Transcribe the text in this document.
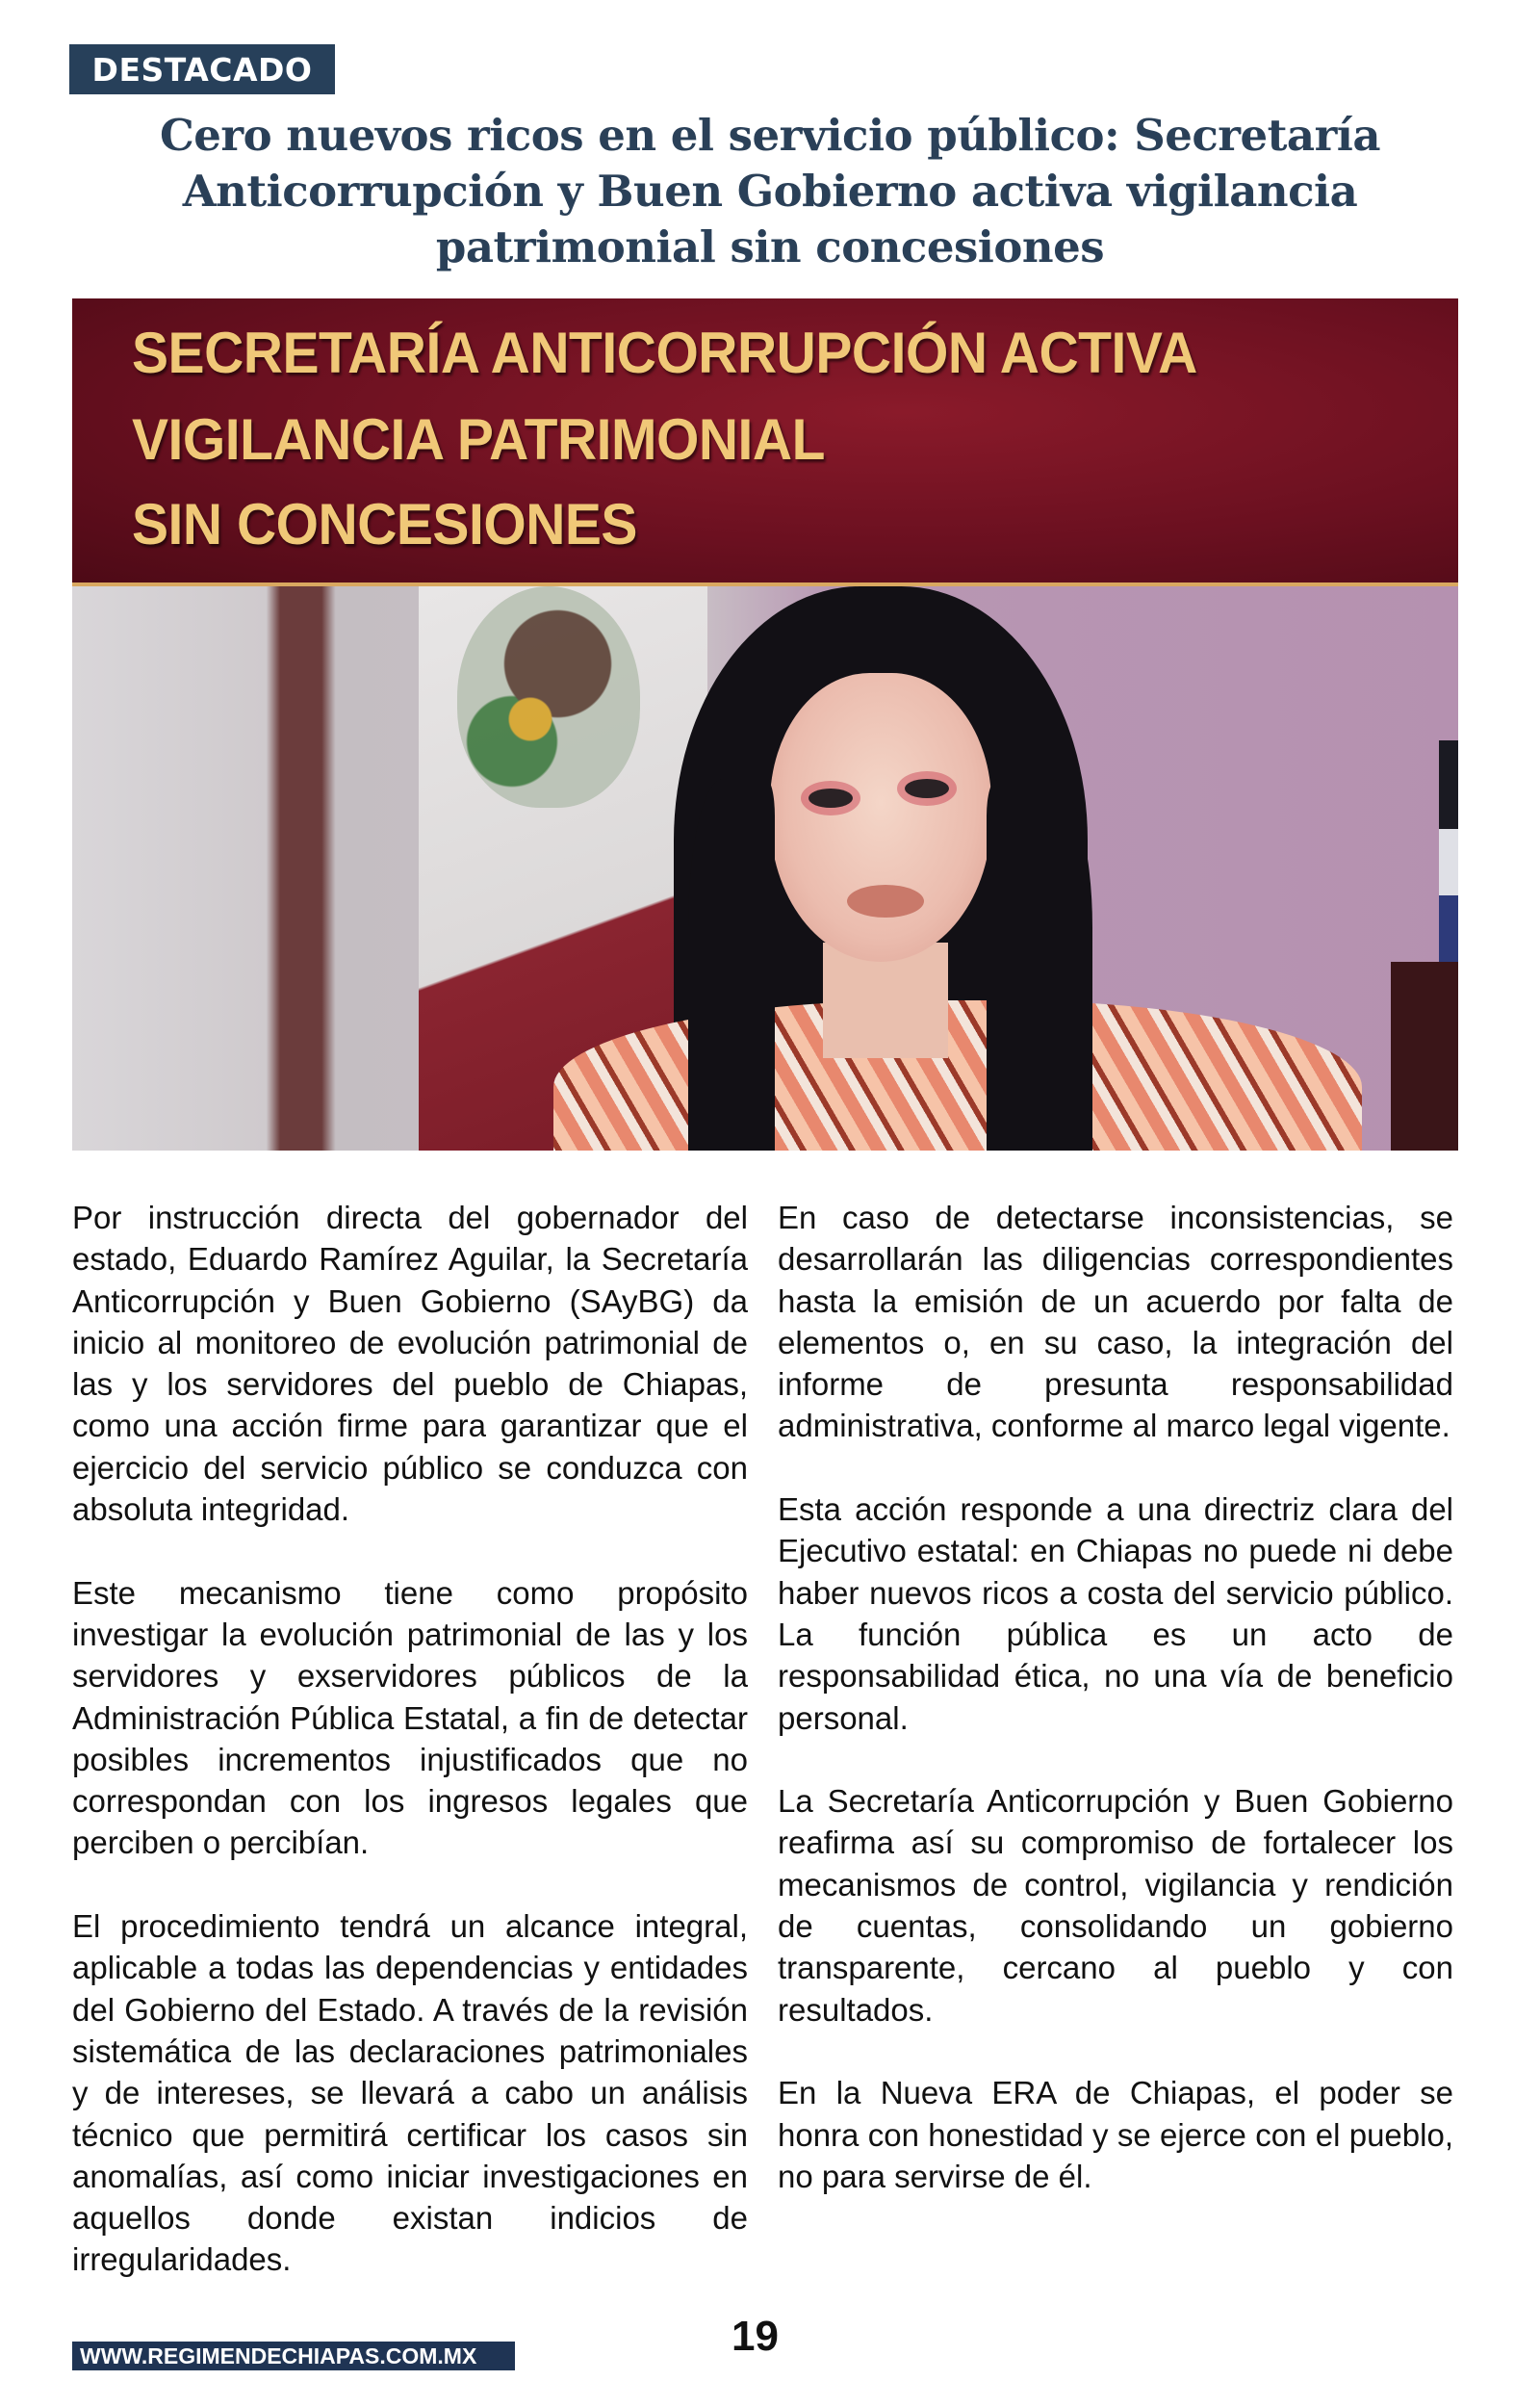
DESTACADO
Cero nuevos ricos en el servicio público: Secretaría Anticorrupción y Buen Gobierno activa vigilancia patrimonial sin concesiones
SECRETARÍA ANTICORRUPCIÓN ACTIVA
VIGILANCIA PATRIMONIAL
SIN CONCESIONES

Por instrucción directa del gobernador del estado, Eduardo Ramírez Aguilar, la Secretaría Anticorrupción y Buen Gobierno (SAyBG) da inicio al monitoreo de evolución patrimonial de las y los servidores del pueblo de Chiapas, como una acción firme para garantizar que el ejercicio del servicio público se conduzca con absoluta integridad.

Este mecanismo tiene como propósito investigar la evolución patrimonial de las y los servidores y exservidores públicos de la Administración Pública Estatal, a fin de detectar posibles incrementos injustificados que no correspondan con los ingresos legales que perciben o percibían.

El procedimiento tendrá un alcance integral, aplicable a todas las dependencias y entidades del Gobierno del Estado. A través de la revisión sistemática de las declaraciones patrimoniales y de intereses, se llevará a cabo un análisis técnico que permitirá certificar los casos sin anomalías, así como iniciar investigaciones en aquellos donde existan indicios de irregularidades.

En caso de detectarse inconsistencias, se desarrollarán las diligencias correspondientes hasta la emisión de un acuerdo por falta de elementos o, en su caso, la integración del informe de presunta responsabilidad administrativa, conforme al marco legal vigente.

Esta acción responde a una directriz clara del Ejecutivo estatal: en Chiapas no puede ni debe haber nuevos ricos a costa del servicio público. La función pública es un acto de responsabilidad ética, no una vía de beneficio personal.

La Secretaría Anticorrupción y Buen Gobierno reafirma así su compromiso de fortalecer los mecanismos de control, vigilancia y rendición de cuentas, consolidando un gobierno transparente, cercano al pueblo y con resultados.

En la Nueva ERA de Chiapas, el poder se honra con honestidad y se ejerce con el pueblo, no para servirse de él.

WWW.REGIMENDECHIAPAS.COM.MX	19
